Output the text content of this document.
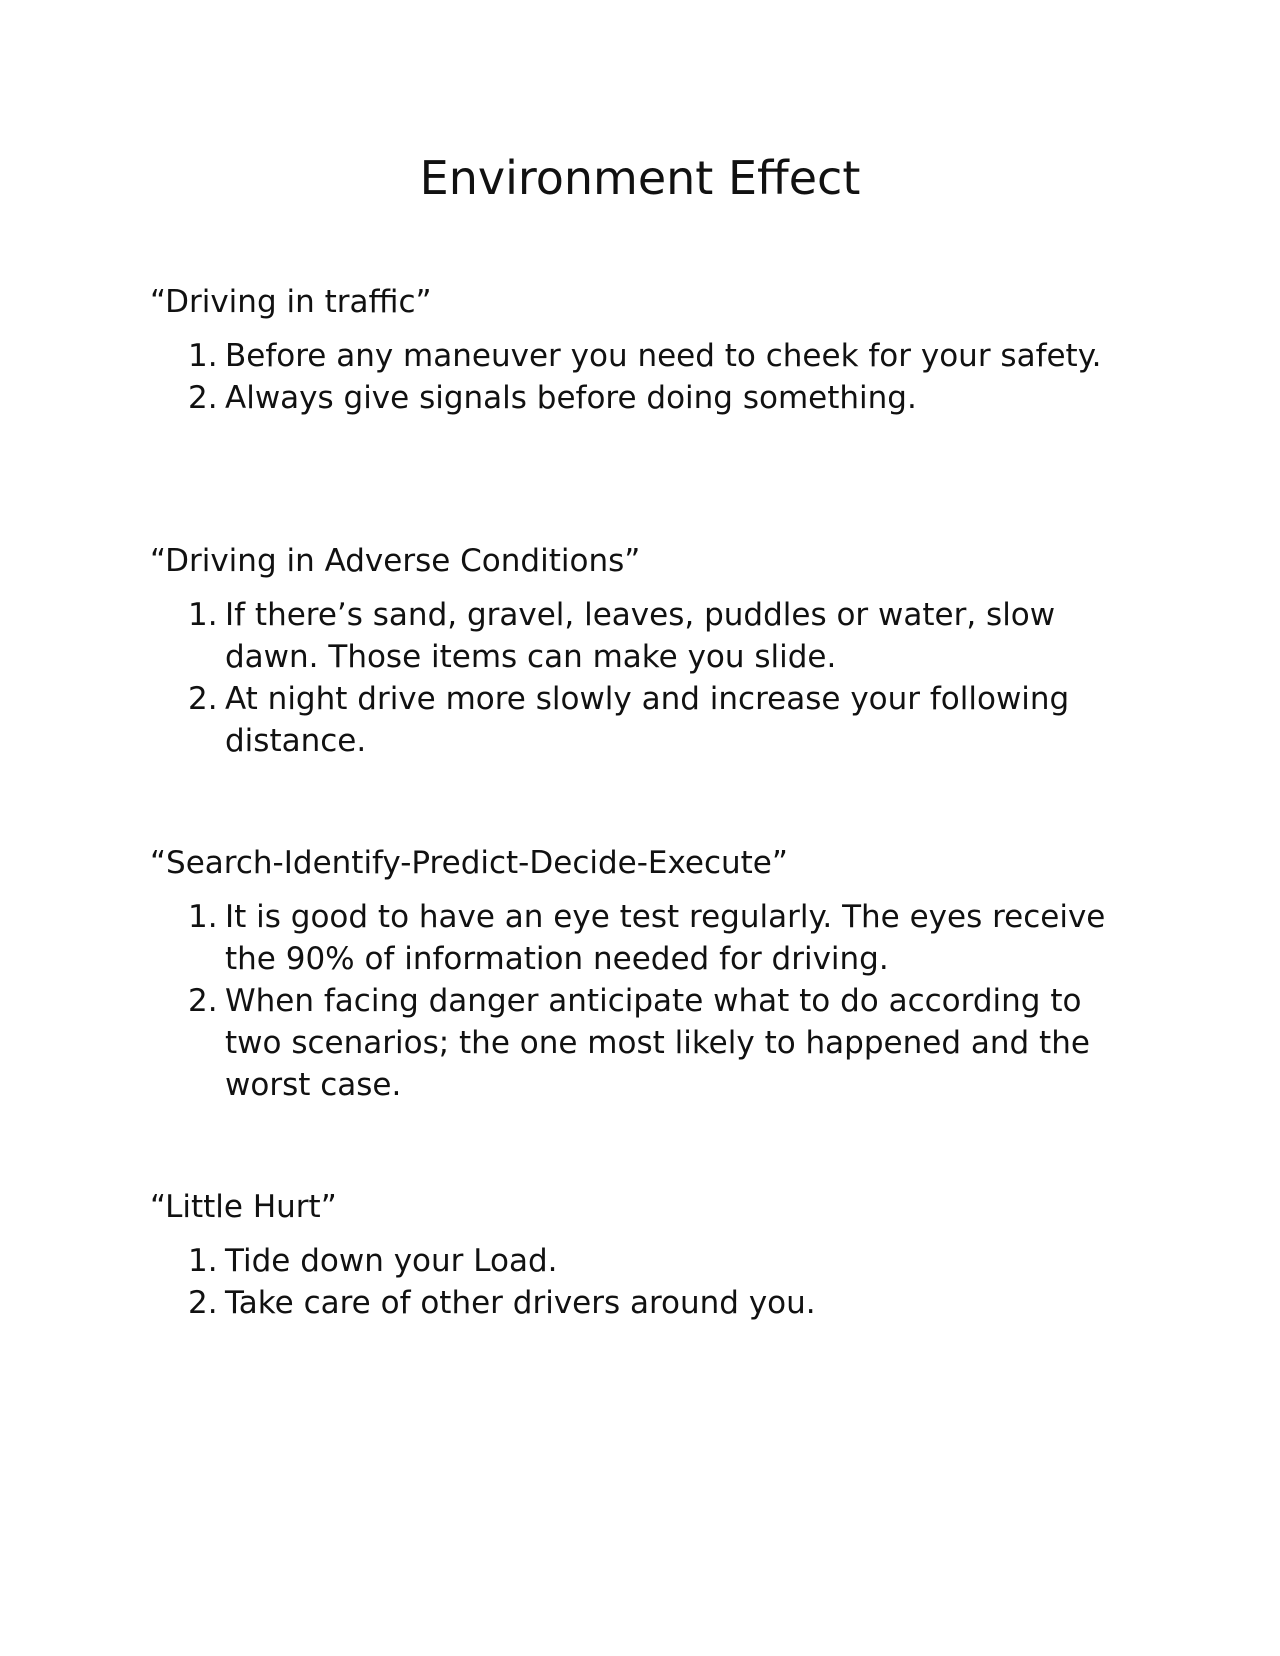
Environment Effect
“Driving in traffic”
1. Before any maneuver you need to cheek for your safety.
2. Always give signals before doing something.
“Driving in Adverse Conditions”
1. If there’s sand, gravel, leaves, puddles or water, slow dawn. Those items can make you slide.
2. At night drive more slowly and increase your following distance.
“Search-Identify-Predict-Decide-Execute”
1. It is good to have an eye test regularly. The eyes receive the 90% of information needed for driving.
2. When facing danger anticipate what to do according to two scenarios; the one most likely to happened and the worst case.
“Little Hurt”
1. Tide down your Load.
2. Take care of other drivers around you.
